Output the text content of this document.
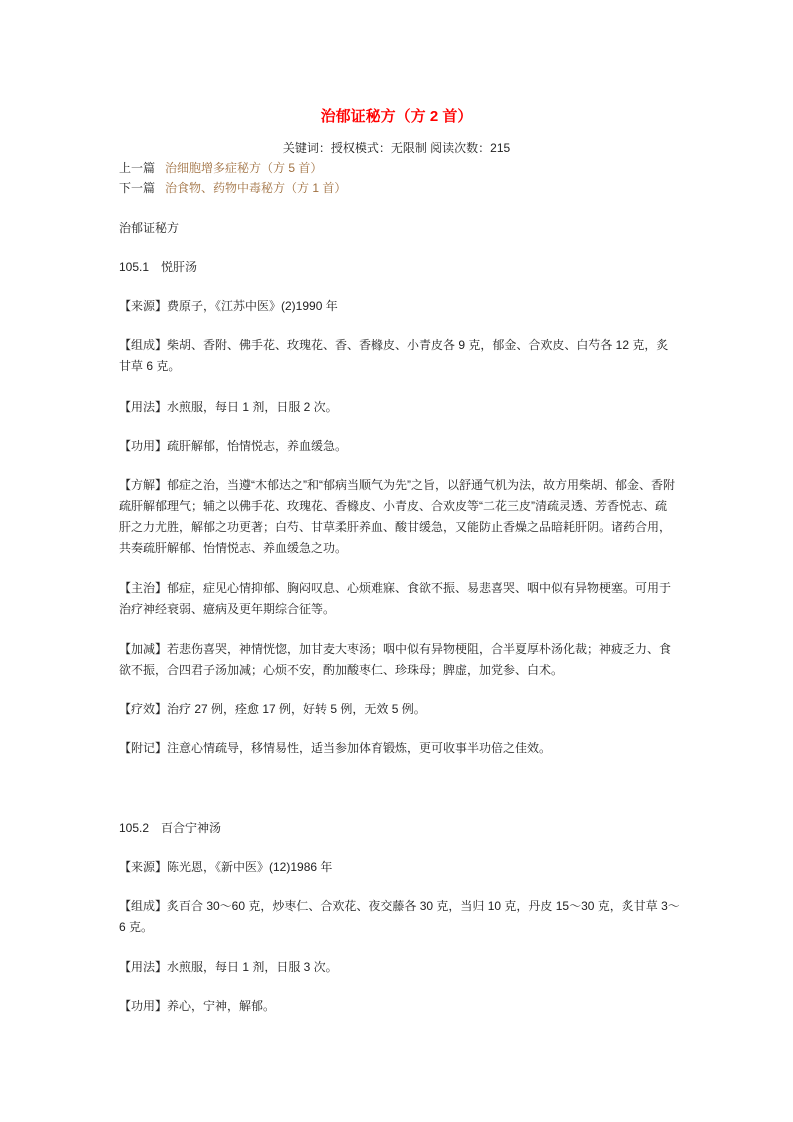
治郁证秘方（方 2 首）
关键词：授权模式：无限制 阅读次数：215
上一篇 治细胞增多症秘方（方 5 首）
下一篇 治食物、药物中毒秘方（方 1 首）
治郁证秘方
105.1　悦肝汤
【来源】费原子，《江苏中医》(2)1990 年
【组成】柴胡、香附、佛手花、玫瑰花、香、香橼皮、小青皮各 9 克，郁金、合欢皮、白芍各 12 克，炙
甘草 6 克。
【用法】水煎服，每日 1 剂，日服 2 次。
【功用】疏肝解郁，怡情悦志，养血缓急。
【方解】郁症之治，当遵“木郁达之”和“郁病当顺气为先”之旨，以舒通气机为法，故方用柴胡、郁金、香附
疏肝解郁理气；辅之以佛手花、玫瑰花、香橼皮、小青皮、合欢皮等“二花三皮”清疏灵透、芳香悦志、疏
肝之力尤胜，解郁之功更著；白芍、甘草柔肝养血、酸甘缓急，又能防止香燥之品暗耗肝阴。诸药合用，
共奏疏肝解郁、怡情悦志、养血缓急之功。
【主治】郁症，症见心情抑郁、胸闷叹息、心烦难寐、食欲不振、易悲喜哭、咽中似有异物梗塞。可用于
治疗神经衰弱、癔病及更年期综合征等。
【加减】若悲伤喜哭，神情恍惚，加甘麦大枣汤；咽中似有异物梗阻，合半夏厚朴汤化裁；神疲乏力、食
欲不振，合四君子汤加减；心烦不安，酌加酸枣仁、珍珠母；脾虚，加党参、白术。
【疗效】治疗 27 例，痊愈 17 例，好转 5 例，无效 5 例。
【附记】注意心情疏导，移情易性，适当参加体育锻炼，更可收事半功倍之佳效。
105.2　百合宁神汤
【来源】陈光恩，《新中医》(12)1986 年
【组成】炙百合 30～60 克，炒枣仁、合欢花、夜交藤各 30 克，当归 10 克，丹皮 15～30 克，炙甘草 3～
6 克。
【用法】水煎服，每日 1 剂，日服 3 次。
【功用】养心，宁神，解郁。
